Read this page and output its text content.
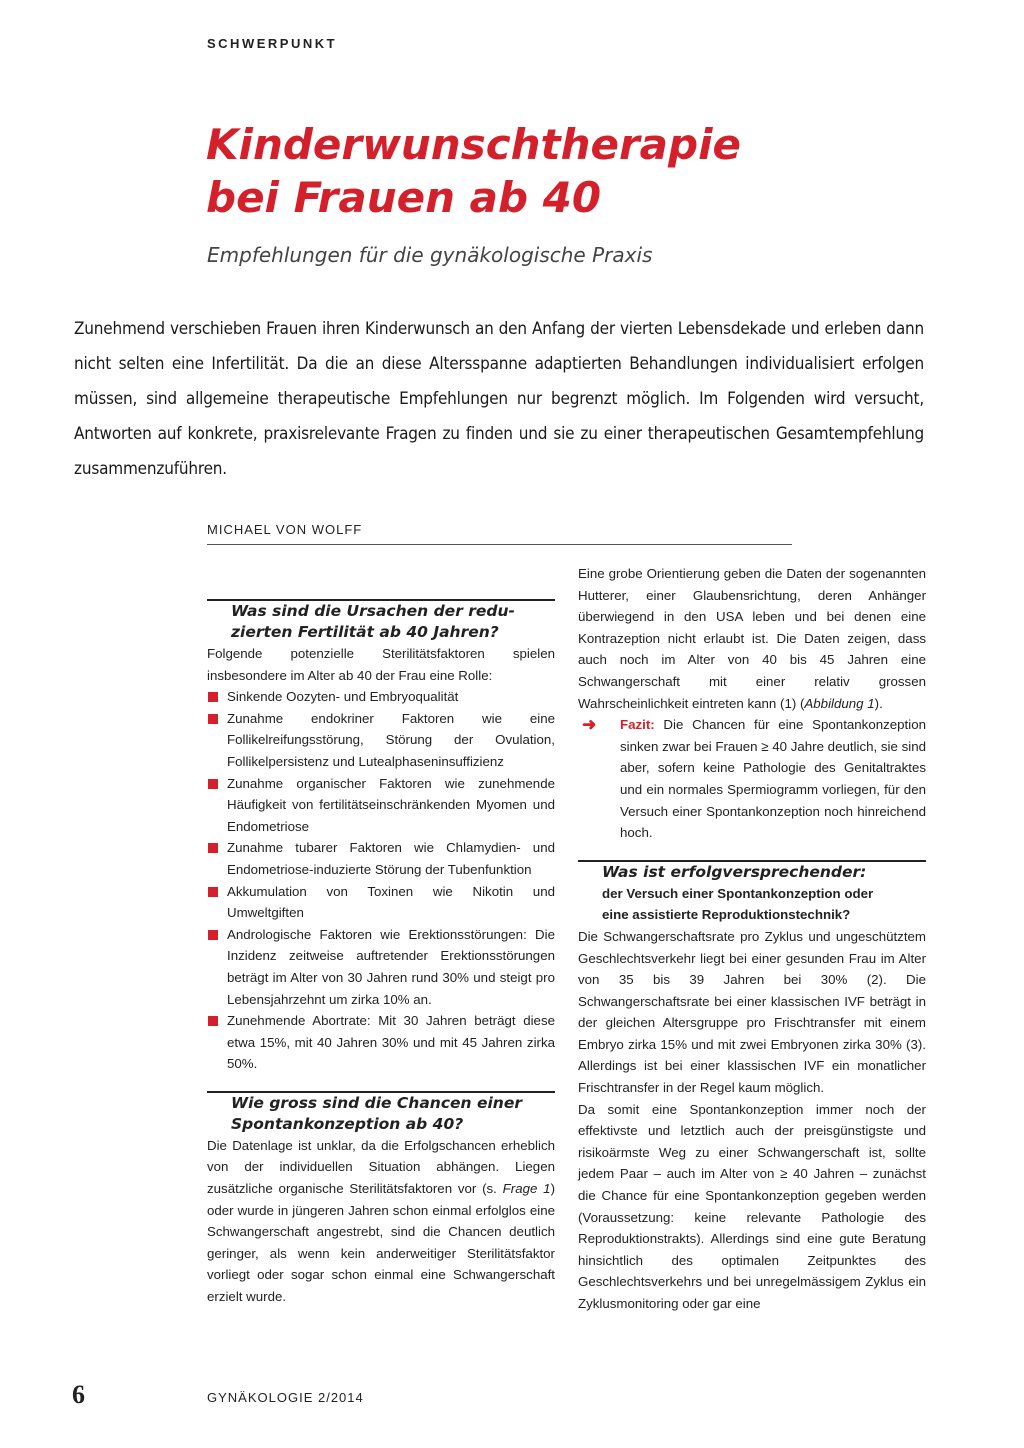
SCHWERPUNKT
Kinderwunschtherapie
bei Frauen ab 40
Empfehlungen für die gynäkologische Praxis

Zunehmend verschieben Frauen ihren Kinderwunsch an den Anfang der vierten Lebensdekade und erleben dann nicht selten eine Infertilität. Da die an diese Altersspanne adaptierten Behandlungen individualisiert erfolgen müssen, sind allgemeine therapeutische Empfehlungen nur begrenzt möglich. Im Folgenden wird versucht, Antworten auf konkrete, praxisrelevante Fragen zu finden und sie zu einer therapeutischen Gesamtempfehlung zusammenzuführen.

MICHAEL VON WOLFF
Was sind die Ursachen der redu-
zierten Fertilität ab 40 Jahren?

Folgende potenzielle Sterilitätsfaktoren spielen insbesondere im Alter ab 40 der Frau eine Rolle:

Sinkende Oozyten- und Embryoqualität
Zunahme endokriner Faktoren wie eine Follikelreifungsstörung, Störung der Ovulation, Follikelpersistenz und Lutealphaseninsuffizienz
Zunahme organischer Faktoren wie zunehmende Häufigkeit von fertilitätseinschränkenden Myomen und Endometriose
Zunahme tubarer Faktoren wie Chlamydien- und Endometriose-induzierte Störung der Tubenfunktion
Akkumulation von Toxinen wie Nikotin und Umweltgiften
Andrologische Faktoren wie Erektionsstörungen: Die Inzidenz zeitweise auftretender Erektionsstörungen beträgt im Alter von 30 Jahren rund 30% und steigt pro Lebensjahrzehnt um zirka 10% an.
Zunehmende Abortrate: Mit 30 Jahren beträgt diese etwa 15%, mit 40 Jahren 30% und mit 45 Jahren zirka 50%.
Wie gross sind die Chancen einer
Spontankonzeption ab 40?

Die Datenlage ist unklar, da die Erfolgschancen erheblich von der individuellen Situation abhängen. Liegen zusätzliche organische Sterilitätsfaktoren vor (s. Frage 1) oder wurde in jüngeren Jahren schon einmal erfolglos eine Schwangerschaft angestrebt, sind die Chancen deutlich geringer, als wenn kein anderweitiger Sterilitätsfaktor vorliegt oder sogar schon einmal eine Schwangerschaft erzielt wurde.

Eine grobe Orientierung geben die Daten der sogenannten Hutterer, einer Glaubensrichtung, deren Anhänger überwiegend in den USA leben und bei denen eine Kontrazeption nicht erlaubt ist. Die Daten zeigen, dass auch noch im Alter von 40 bis 45 Jahren eine Schwangerschaft mit einer relativ grossen Wahrscheinlichkeit eintreten kann (1) (Abbildung 1).

➜ Fazit: Die Chancen für eine Spontankonzeption sinken zwar bei Frauen ≥ 40 Jahre deutlich, sie sind aber, sofern keine Pathologie des Genitaltraktes und ein normales Spermiogramm vorliegen, für den Versuch einer Spontankonzeption noch hinreichend hoch.
Was ist erfolgversprechender:
der Versuch einer Spontankonzeption oder
eine assistierte Reproduktionstechnik?

Die Schwangerschaftsrate pro Zyklus und ungeschütztem Geschlechtsverkehr liegt bei einer gesunden Frau im Alter von 35 bis 39 Jahren bei 30% (2). Die Schwangerschaftsrate bei einer klassischen IVF beträgt in der gleichen Altersgruppe pro Frischtransfer mit einem Embryo zirka 15% und mit zwei Embryonen zirka 30% (3). Allerdings ist bei einer klassischen IVF ein monatlicher Frischtransfer in der Regel kaum möglich.

Da somit eine Spontankonzeption immer noch der effektivste und letztlich auch der preisgünstigste und risikoärmste Weg zu einer Schwangerschaft ist, sollte jedem Paar – auch im Alter von ≥ 40 Jahren – zunächst die Chance für eine Spontankonzeption gegeben werden (Voraussetzung: keine relevante Pathologie des Reproduktionstrakts). Allerdings sind eine gute Beratung hinsichtlich des optimalen Zeitpunktes des Geschlechtsverkehrs und bei unregelmässigem Zyklus ein Zyklusmonitoring oder gar eine

6	GYNÄKOLOGIE 2/2014
